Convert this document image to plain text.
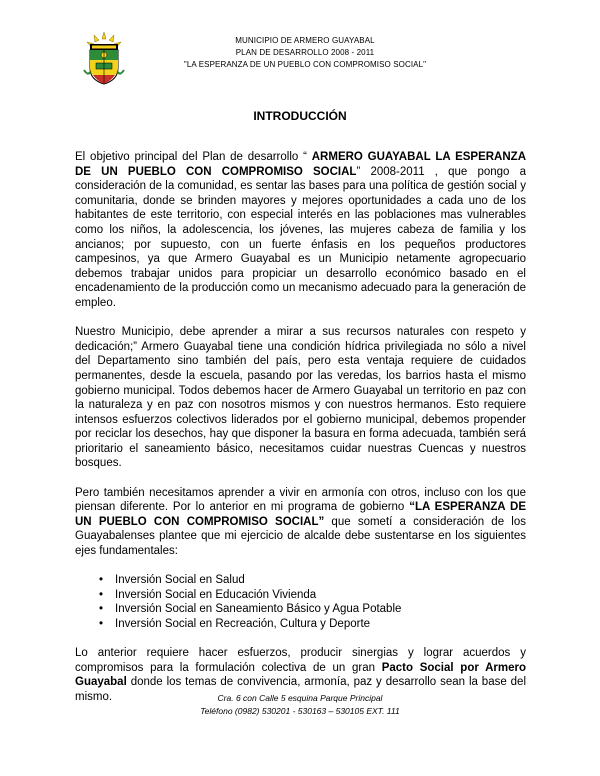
MUNICIPIO DE ARMERO GUAYABAL
PLAN DE DESARROLLO 2008 - 2011
"LA ESPERANZA DE UN PUEBLO CON COMPROMISO SOCIAL"
INTRODUCCIÓN

El objetivo principal del Plan de desarrollo “ ARMERO GUAYABAL LA ESPERANZA DE UN PUEBLO CON COMPROMISO SOCIAL” 2008-2011 , que pongo a consideración de la comunidad, es sentar las bases para una política de gestión social y comunitaria, donde se brinden mayores y mejores oportunidades a cada uno de los habitantes de este territorio, con especial interés en las poblaciones mas vulnerables como los niños, la adolescencia, los jóvenes, las mujeres cabeza de familia y los ancianos; por supuesto, con un fuerte énfasis en los pequeños productores campesinos, ya que Armero Guayabal es un Municipio netamente agropecuario debemos trabajar unidos para propiciar un desarrollo económico basado en el encadenamiento de la producción como un mecanismo adecuado para la generación de empleo.

Nuestro Municipio, debe aprender a mirar a sus recursos naturales con respeto y dedicación;” Armero Guayabal tiene una condición hídrica privilegiada no sólo a nivel del Departamento sino también del país, pero esta ventaja requiere de cuidados permanentes, desde la escuela, pasando por las veredas, los barrios hasta el mismo gobierno municipal. Todos debemos hacer de Armero Guayabal un territorio en paz con la naturaleza y en paz con nosotros mismos y con nuestros hermanos. Esto requiere intensos esfuerzos colectivos liderados por el gobierno municipal, debemos propender por reciclar los desechos, hay que disponer la basura en forma adecuada, también será prioritario el saneamiento básico, necesitamos cuidar nuestras Cuencas y nuestros bosques.

Pero también necesitamos aprender a vivir en armonía con otros, incluso con los que piensan diferente. Por lo anterior en mi programa de gobierno “LA ESPERANZA DE UN PUEBLO CON COMPROMISO SOCIAL” que sometí a consideración de los Guayabalenses plantee que mi ejercicio de alcalde debe sustentarse en los siguientes ejes fundamentales:

• Inversión Social en Salud
• Inversión Social en Educación Vivienda
• Inversión Social en Saneamiento Básico y Agua Potable
• Inversión Social en Recreación, Cultura y Deporte

Lo anterior requiere hacer esfuerzos, producir sinergias y lograr acuerdos y compromisos para la formulación colectiva de un gran Pacto Social por Armero Guayabal donde los temas de convivencia, armonía, paz y desarrollo sean la base del mismo.	Cra. 6 con Calle 5 esquina Parque Principal
Teléfono (0982) 530201 - 530163 – 530105 EXT. 111
